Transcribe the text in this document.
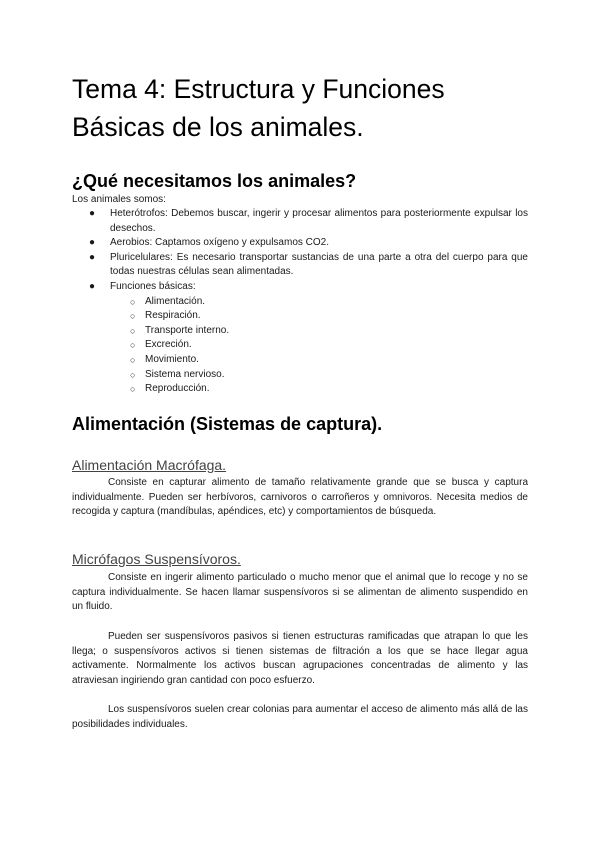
Tema 4: Estructura y Funciones Básicas de los animales.
¿Qué necesitamos los animales?
Los animales somos:
● Heterótrofos: Debemos buscar, ingerir y procesar alimentos para posteriormente expulsar los desechos.
● Aerobios: Captamos oxígeno y expulsamos CO2.
● Pluricelulares: Es necesario transportar sustancias de una parte a otra del cuerpo para que todas nuestras células sean alimentadas.
● Funciones básicas:
○ Alimentación.
○ Respiración.
○ Transporte interno.
○ Excreción.
○ Movimiento.
○ Sistema nervioso.
○ Reproducción.
Alimentación (Sistemas de captura).
Alimentación Macrófaga.

Consiste en capturar alimento de tamaño relativamente grande que se busca y captura individualmente. Pueden ser herbívoros, carnivoros o carroñeros y omnivoros. Necesita medios de recogida y captura (mandíbulas, apéndices, etc) y comportamientos de búsqueda.

Micrófagos Suspensívoros.

Consiste en ingerir alimento particulado o mucho menor que el animal que lo recoge y no se captura individualmente. Se hacen llamar suspensívoros si se alimentan de alimento suspendido en un fluido.

Pueden ser suspensívoros pasivos si tienen estructuras ramificadas que atrapan lo que les llega; o suspensívoros activos si tienen sistemas de filtración a los que se hace llegar agua activamente. Normalmente los activos buscan agrupaciones concentradas de alimento y las atraviesan ingiriendo gran cantidad con poco esfuerzo.

Los suspensívoros suelen crear colonias para aumentar el acceso de alimento más allá de las posibilidades individuales.
